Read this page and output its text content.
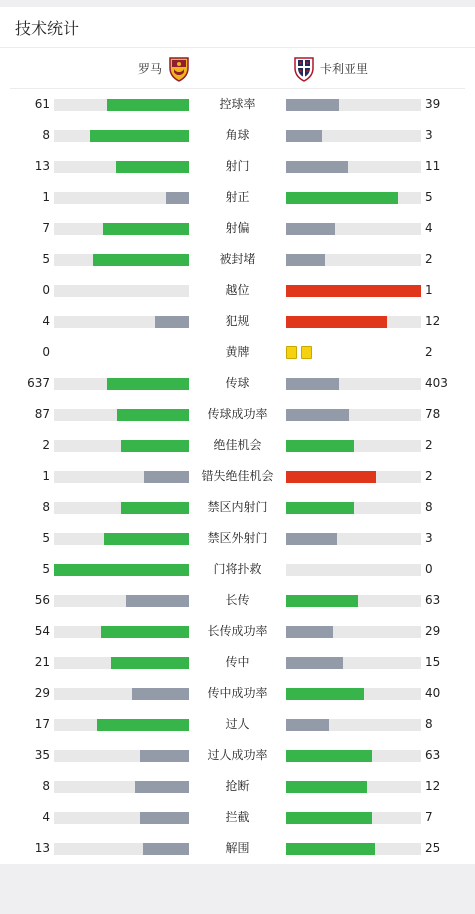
技术统计
罗马	卡利亚里
61	控球率	39
8	角球	3
13	射门	11
1	射正	5
7	射偏	4
5	被封堵	2
0	越位	1
4	犯规	12
0	黄牌	2
637	传球	403
87	传球成功率	78
2	绝佳机会	2
1	错失绝佳机会	2
8	禁区内射门	8
5	禁区外射门	3
5	门将扑救	0
56	长传	63
54	长传成功率	29
21	传中	15
29	传中成功率	40
17	过人	8
35	过人成功率	63
8	抢断	12
4	拦截	7
13	解围	25
